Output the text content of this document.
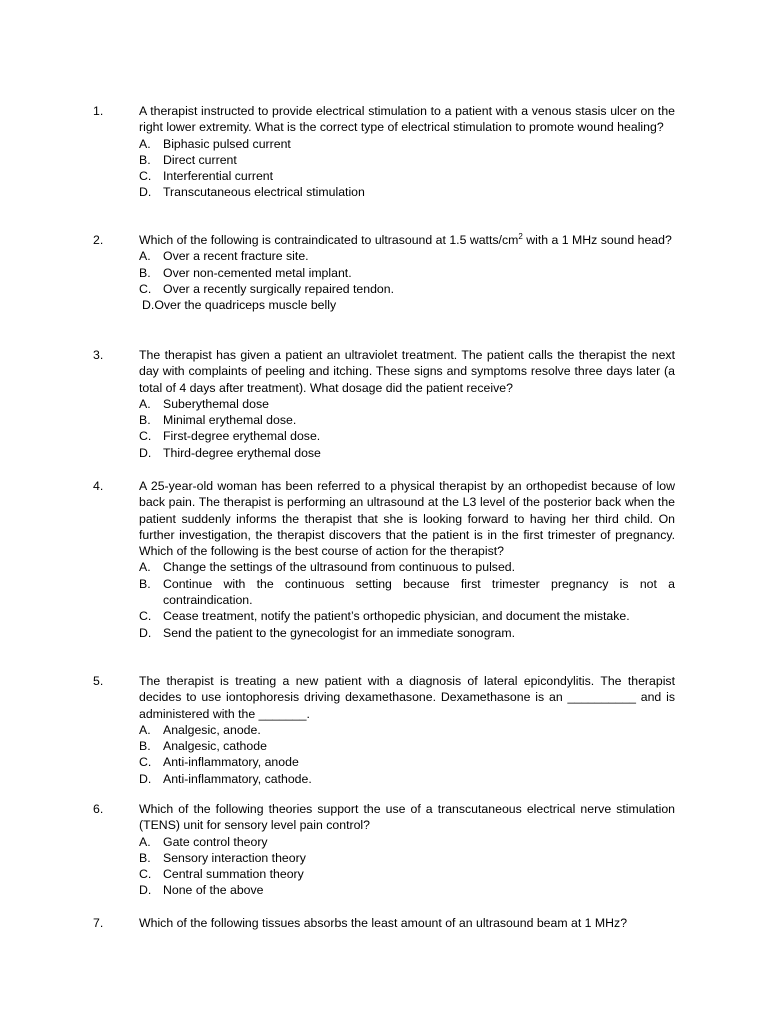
1.	A therapist instructed to provide electrical stimulation to a patient with a venous stasis ulcer on the right lower extremity. What is the correct type of electrical stimulation to promote wound healing?

A. Biphasic pulsed current
B. Direct current
C. Interferential current
D. Transcutaneous electrical stimulation
2.	Which of the following is contraindicated to ultrasound at 1.5 watts/$cm^2$ with a 1 MHz sound head?

A. Over a recent fracture site.
B. Over non-cemented metal implant.
C. Over a recently surgically repaired tendon.
D.Over the quadriceps muscle belly
3.	The therapist has given a patient an ultraviolet treatment. The patient calls the therapist the next day with complaints of peeling and itching. These signs and symptoms resolve three days later (a total of 4 days after treatment). What dosage did the patient receive?

A. Suberythemal dose
B. Minimal erythemal dose.
C. First-degree erythemal dose.
D. Third-degree erythemal dose
4.	A 25-year-old woman has been referred to a physical therapist by an orthopedist because of low back pain. The therapist is performing an ultrasound at the L3 level of the posterior back when the patient suddenly informs the therapist that she is looking forward to having her third child. On further investigation, the therapist discovers that the patient is in the first trimester of pregnancy. Which of the following is the best course of action for the therapist?

A. Change the settings of the ultrasound from continuous to pulsed.
B. Continue with the continuous setting because first trimester pregnancy is not a contraindication.
C. Cease treatment, notify the patient’s orthopedic physician, and document the mistake.
D. Send the patient to the gynecologist for an immediate sonogram.
5.	The therapist is treating a new patient with a diagnosis of lateral epicondylitis. The therapist decides to use iontophoresis driving dexamethasone. Dexamethasone is an __________ and is administered with the _______.

A. Analgesic, anode.
B. Analgesic, cathode
C. Anti-inflammatory, anode
D. Anti-inflammatory, cathode.
6.	Which of the following theories support the use of a transcutaneous electrical nerve stimulation (TENS) unit for sensory level pain control?

A. Gate control theory
B. Sensory interaction theory
C. Central summation theory
D. None of the above
7.	Which of the following tissues absorbs the least amount of an ultrasound beam at 1 MHz?
